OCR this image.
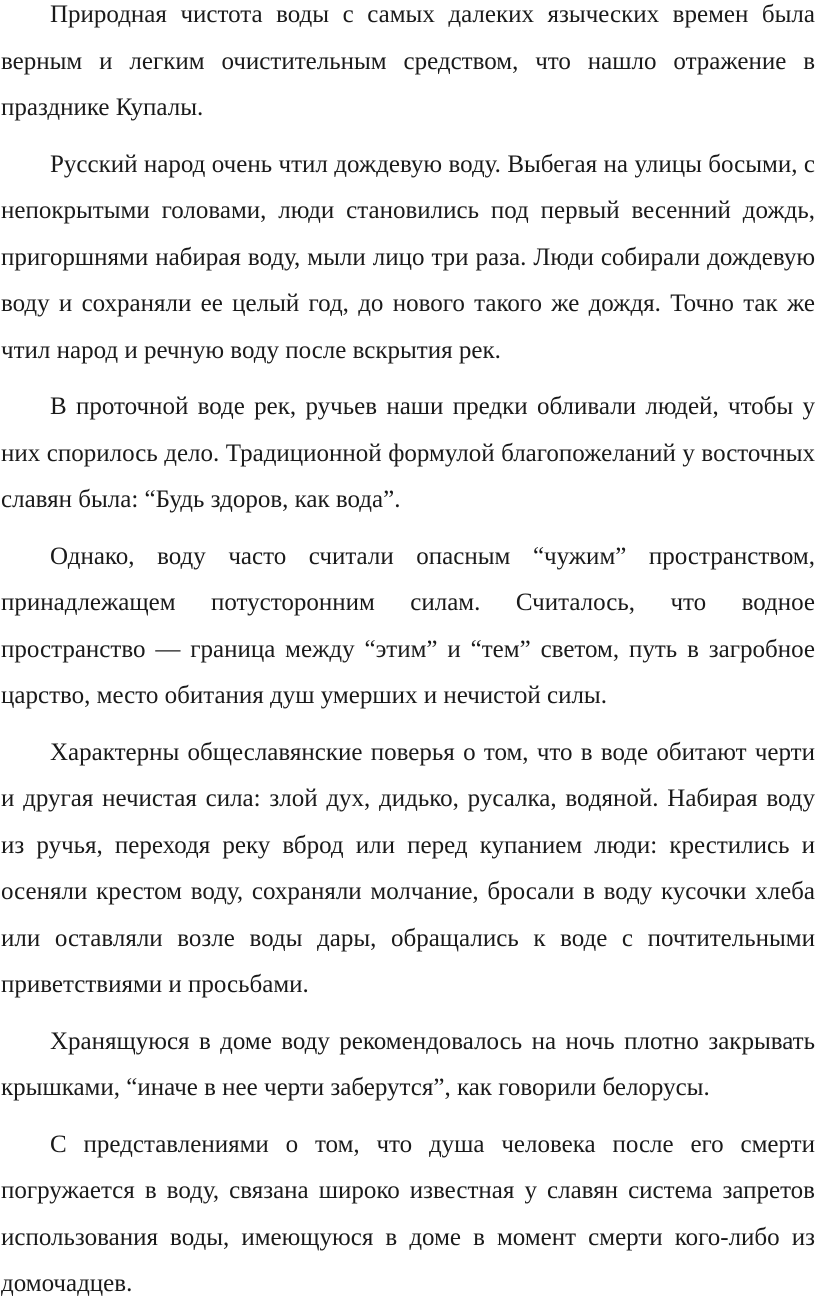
Природная чистота воды с самых далеких языческих времен была верным и легким очистительным средством, что нашло отражение в празднике Купалы.

Русский народ очень чтил дождевую воду. Выбегая на улицы босыми, с непокрытыми головами, люди становились под первый весенний дождь, пригоршнями набирая воду, мыли лицо три раза. Люди собирали дождевую воду и сохраняли ее целый год, до нового такого же дождя. Точно так же чтил народ и речную воду после вскрытия рек.

В проточной воде рек, ручьев наши предки обливали людей, чтобы у них спорилось дело. Традиционной формулой благопожеланий у восточных славян была: “Будь здоров, как вода”.

Однако, воду часто считали опасным “чужим” пространством, принадлежащем потусторонним силам. Считалось, что водное пространство — граница между “этим” и “тем” светом, путь в загробное царство, место обитания душ умерших и нечистой силы.

Характерны общеславянские поверья о том, что в воде обитают черти и другая нечистая сила: злой дух, дидько, русалка, водяной. Набирая воду из ручья, переходя реку вброд или перед купанием люди: крестились и осеняли крестом воду, сохраняли молчание, бросали в воду кусочки хлеба или оставляли возле воды дары, обращались к воде с почтительными приветствиями и просьбами.

Хранящуюся в доме воду рекомендовалось на ночь плотно закрывать крышками, “иначе в нее черти заберутся”, как говорили белорусы.

С представлениями о том, что душа человека после его смерти погружается в воду, связана широко известная у славян система запретов использования воды, имеющуюся в доме в момент смерти кого-либо из домочадцев.
